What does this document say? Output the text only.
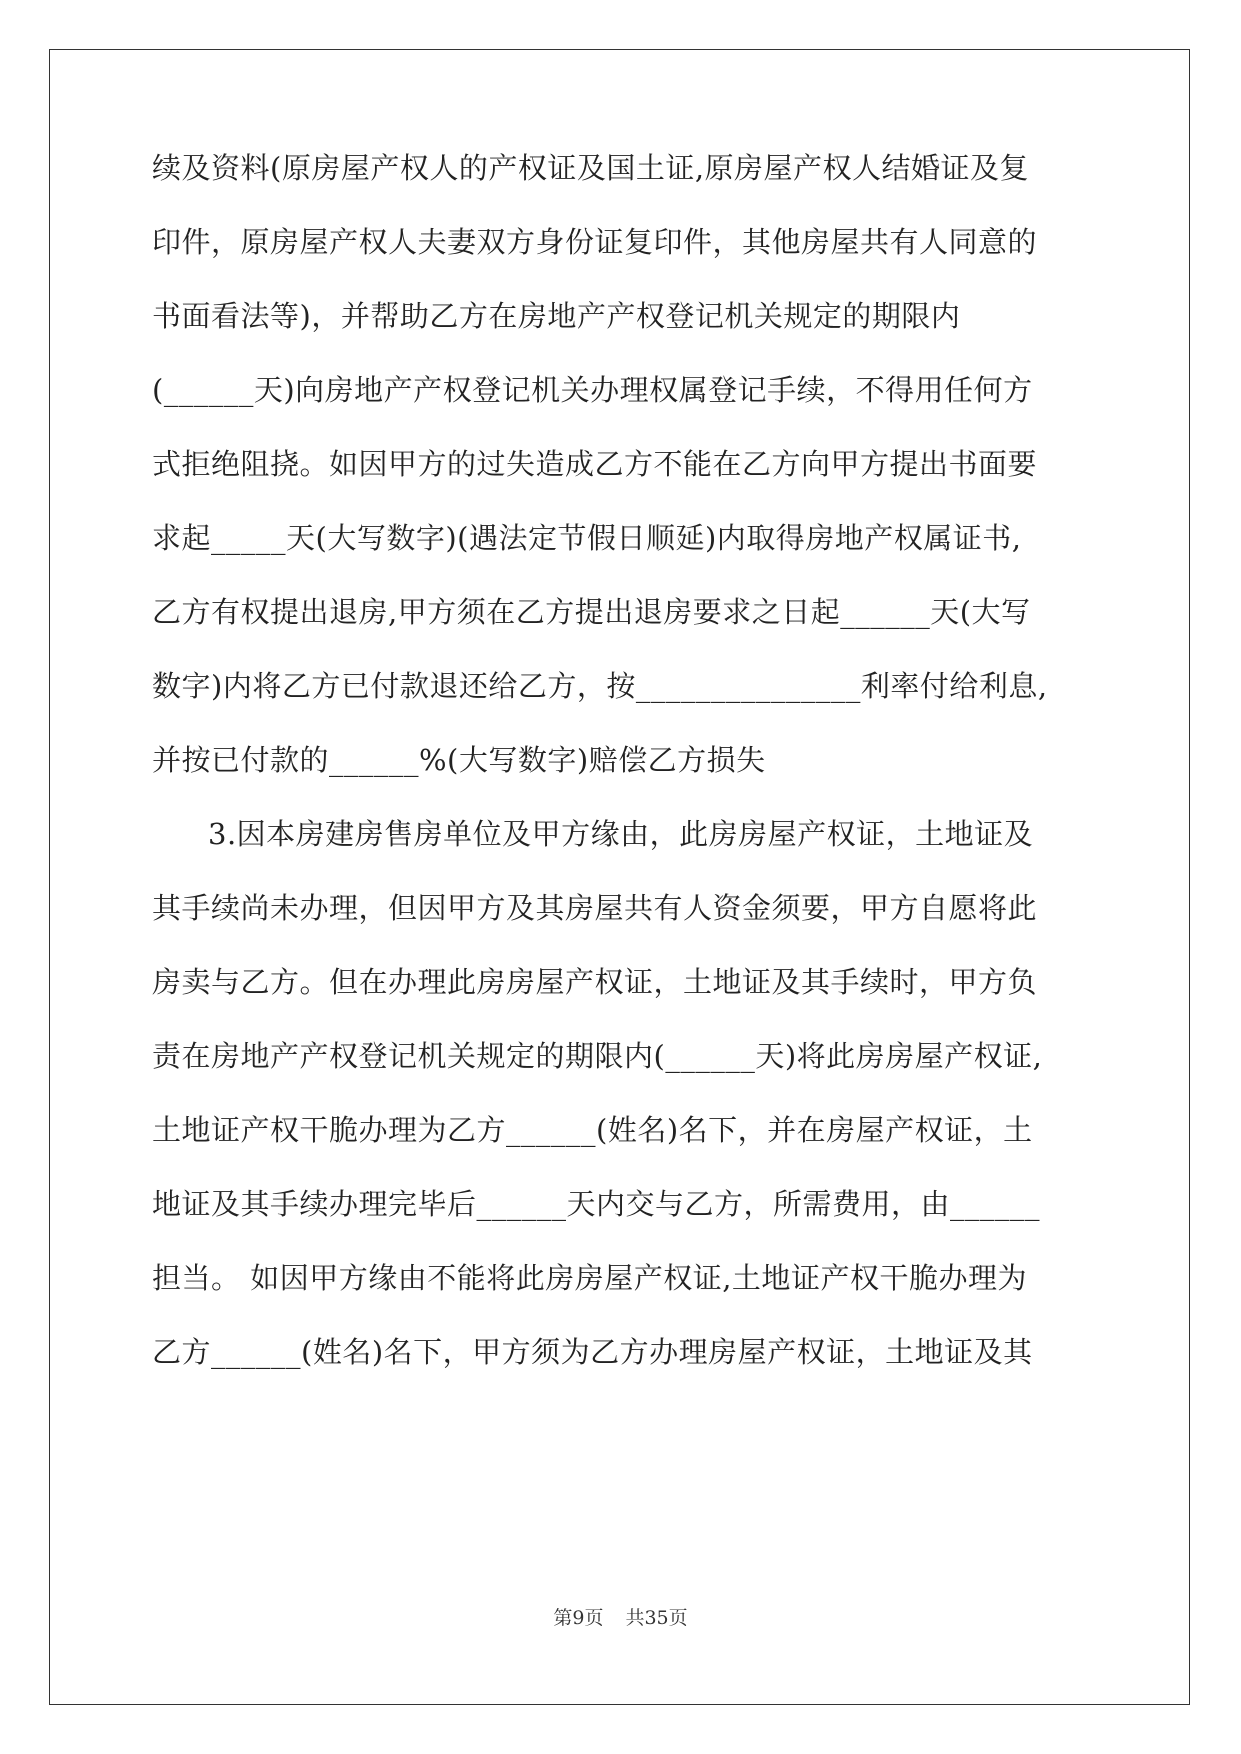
续及资料(原房屋产权人的产权证及国土证,原房屋产权人结婚证及复
印件，原房屋产权人夫妻双方身份证复印件，其他房屋共有人同意的
书面看法等)，并帮助乙方在房地产产权登记机关规定的期限内
(______天)向房地产产权登记机关办理权属登记手续，不得用任何方
式拒绝阻挠。如因甲方的过失造成乙方不能在乙方向甲方提出书面要
求起_____天(大写数字)(遇法定节假日顺延)内取得房地产权属证书,
乙方有权提出退房,甲方须在乙方提出退房要求之日起______天(大写
数字)内将乙方已付款退还给乙方，按_______________利率付给利息,
并按已付款的______%(大写数字)赔偿乙方损失
3.因本房建房售房单位及甲方缘由，此房房屋产权证，土地证及
其手续尚未办理，但因甲方及其房屋共有人资金须要，甲方自愿将此
房卖与乙方。但在办理此房房屋产权证，土地证及其手续时，甲方负
责在房地产产权登记机关规定的期限内(______天)将此房房屋产权证,
土地证产权干脆办理为乙方______(姓名)名下，并在房屋产权证，土
地证及其手续办理完毕后______天内交与乙方，所需费用，由______
担当。 如因甲方缘由不能将此房房屋产权证,土地证产权干脆办理为
乙方______(姓名)名下，甲方须为乙方办理房屋产权证，土地证及其
第9页 共35页
